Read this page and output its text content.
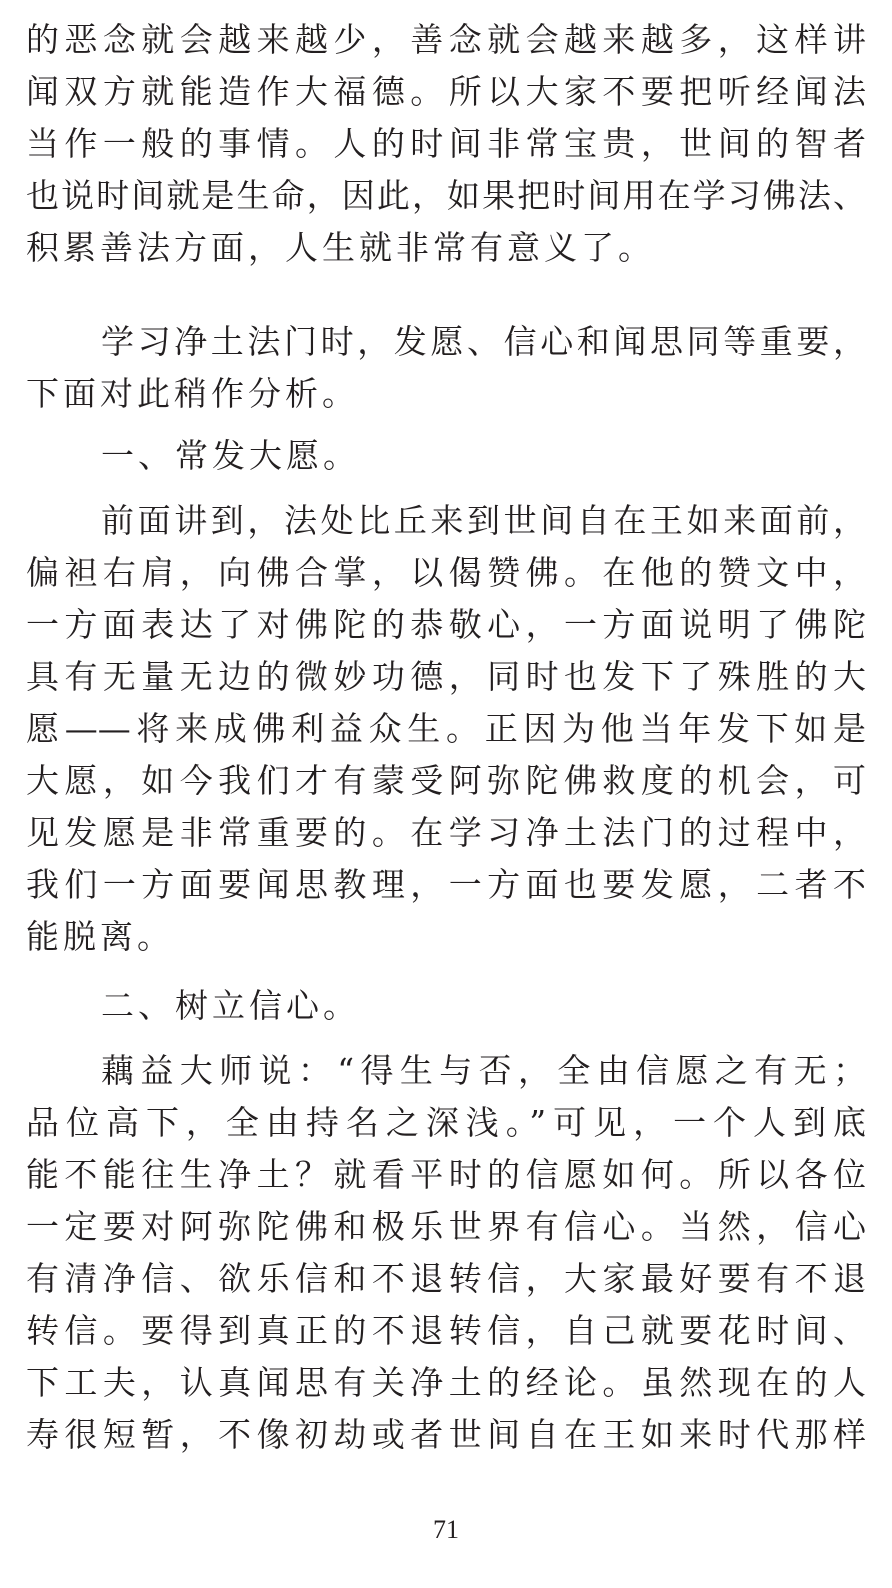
的恶念就会越来越少，善念就会越来越多，这样讲
闻双方就能造作大福德。所以大家不要把听经闻法
当作一般的事情。人的时间非常宝贵，世间的智者
也说时间就是生命，因此，如果把时间用在学习佛法、
积累善法方面，人生就非常有意义了。
学习净土法门时，发愿、信心和闻思同等重要，
下面对此稍作分析。
一、常发大愿。
前面讲到，法处比丘来到世间自在王如来面前，
偏袒右肩，向佛合掌，以偈赞佛。在他的赞文中，
一方面表达了对佛陀的恭敬心，一方面说明了佛陀
具有无量无边的微妙功德，同时也发下了殊胜的大
愿——将来成佛利益众生。正因为他当年发下如是
大愿，如今我们才有蒙受阿弥陀佛救度的机会，可
见发愿是非常重要的。在学习净土法门的过程中，
我们一方面要闻思教理，一方面也要发愿，二者不
能脱离。
二、树立信心。
藕益大师说：“得生与否，全由信愿之有无；
品位高下，全由持名之深浅。”可见，一个人到底
能不能往生净土？就看平时的信愿如何。所以各位
一定要对阿弥陀佛和极乐世界有信心。当然，信心
有清净信、欲乐信和不退转信，大家最好要有不退
转信。要得到真正的不退转信，自己就要花时间、
下工夫，认真闻思有关净土的经论。虽然现在的人
寿很短暂，不像初劫或者世间自在王如来时代那样
71
